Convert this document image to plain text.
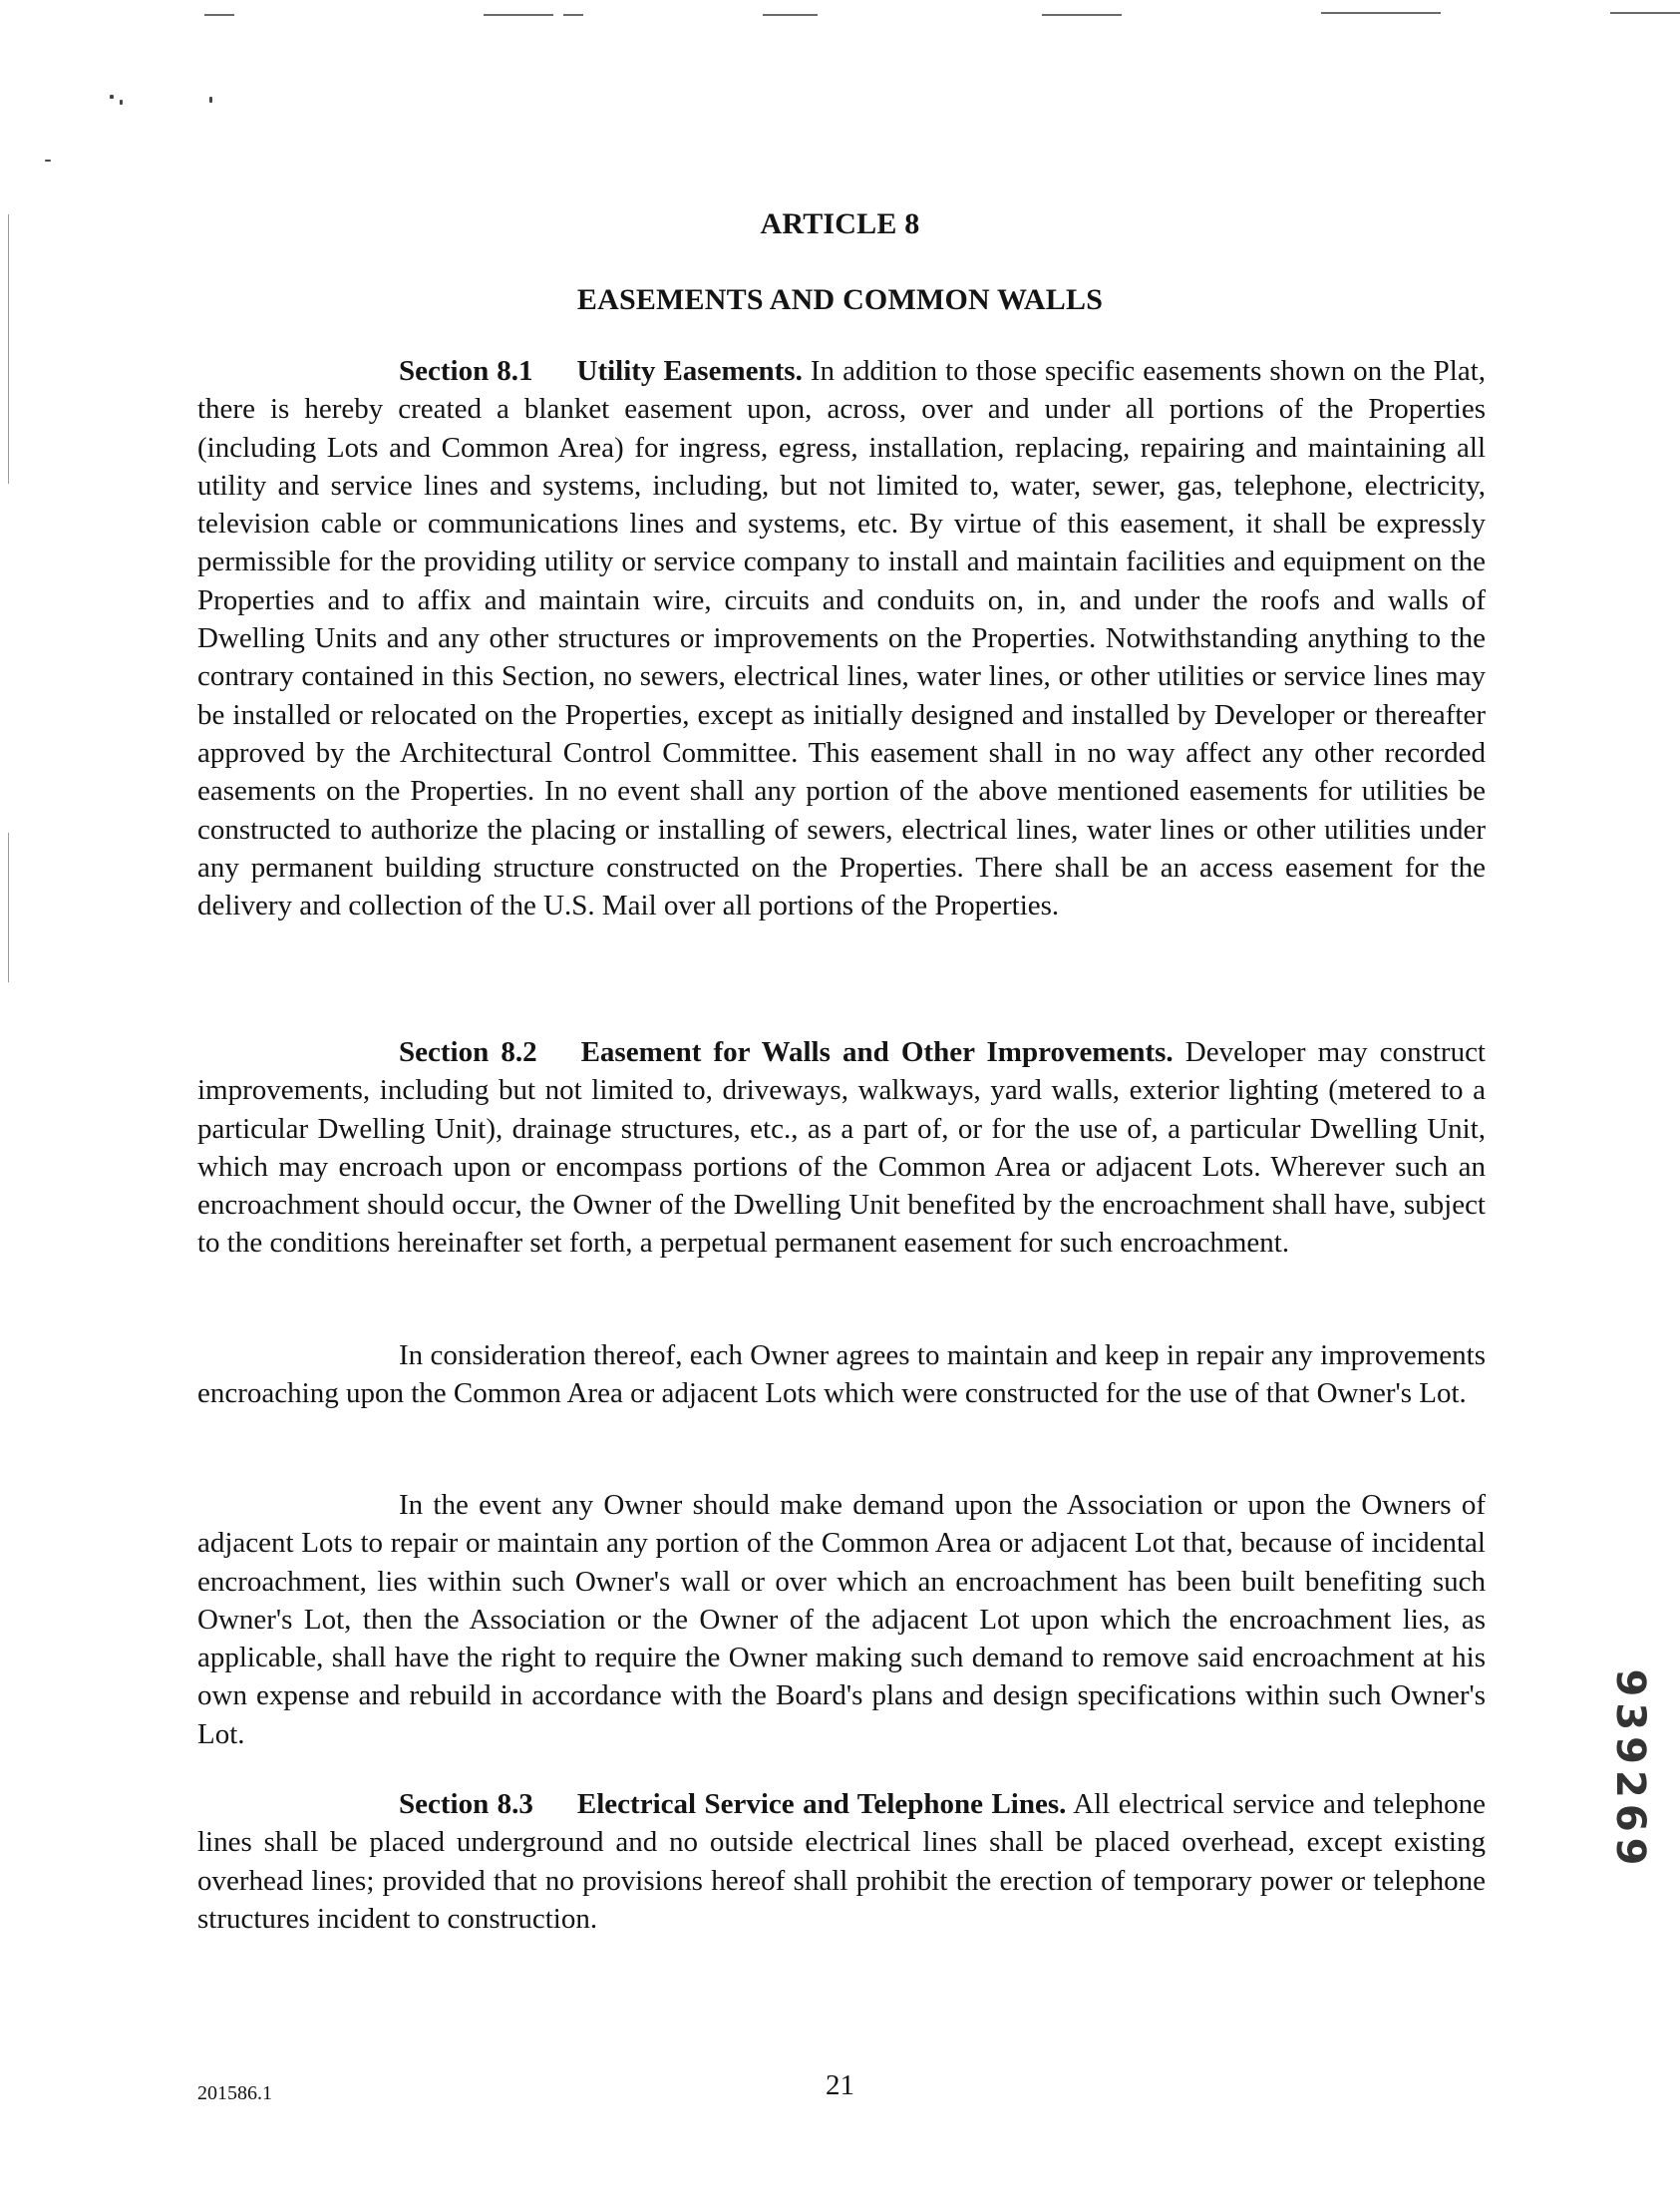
ARTICLE 8
EASEMENTS AND COMMON WALLS

Section 8.1 Utility Easements. In addition to those specific easements shown on the Plat, there is hereby created a blanket easement upon, across, over and under all portions of the Properties (including Lots and Common Area) for ingress, egress, installation, replacing, repairing and maintaining all utility and service lines and systems, including, but not limited to, water, sewer, gas, telephone, electricity, television cable or communications lines and systems, etc. By virtue of this easement, it shall be expressly permissible for the providing utility or service company to install and maintain facilities and equipment on the Properties and to affix and maintain wire, circuits and conduits on, in, and under the roofs and walls of Dwelling Units and any other structures or improvements on the Properties. Notwithstanding anything to the contrary contained in this Section, no sewers, electrical lines, water lines, or other utilities or service lines may be installed or relocated on the Properties, except as initially designed and installed by Developer or thereafter approved by the Architectural Control Committee. This easement shall in no way affect any other recorded easements on the Properties. In no event shall any portion of the above mentioned easements for utilities be constructed to authorize the placing or installing of sewers, electrical lines, water lines or other utilities under any permanent building structure constructed on the Properties. There shall be an access easement for the delivery and collection of the U.S. Mail over all portions of the Properties.

Section 8.2 Easement for Walls and Other Improvements. Developer may construct improvements, including but not limited to, driveways, walkways, yard walls, exterior lighting (metered to a particular Dwelling Unit), drainage structures, etc., as a part of, or for the use of, a particular Dwelling Unit, which may encroach upon or encompass portions of the Common Area or adjacent Lots. Wherever such an encroachment should occur, the Owner of the Dwelling Unit benefited by the encroachment shall have, subject to the conditions hereinafter set forth, a perpetual permanent easement for such encroachment.

In consideration thereof, each Owner agrees to maintain and keep in repair any improvements encroaching upon the Common Area or adjacent Lots which were constructed for the use of that Owner's Lot.

In the event any Owner should make demand upon the Association or upon the Owners of adjacent Lots to repair or maintain any portion of the Common Area or adjacent Lot that, because of incidental encroachment, lies within such Owner's wall or over which an encroachment has been built benefiting such Owner's Lot, then the Association or the Owner of the adjacent Lot upon which the encroachment lies, as applicable, shall have the right to require the Owner making such demand to remove said encroachment at his own expense and rebuild in accordance with the Board's plans and design specifications within such Owner's Lot.

Section 8.3 Electrical Service and Telephone Lines. All electrical service and telephone lines shall be placed underground and no outside electrical lines shall be placed overhead, except existing overhead lines; provided that no provisions hereof shall prohibit the erection of temporary power or telephone structures incident to construction.

939269
201586.1	21
